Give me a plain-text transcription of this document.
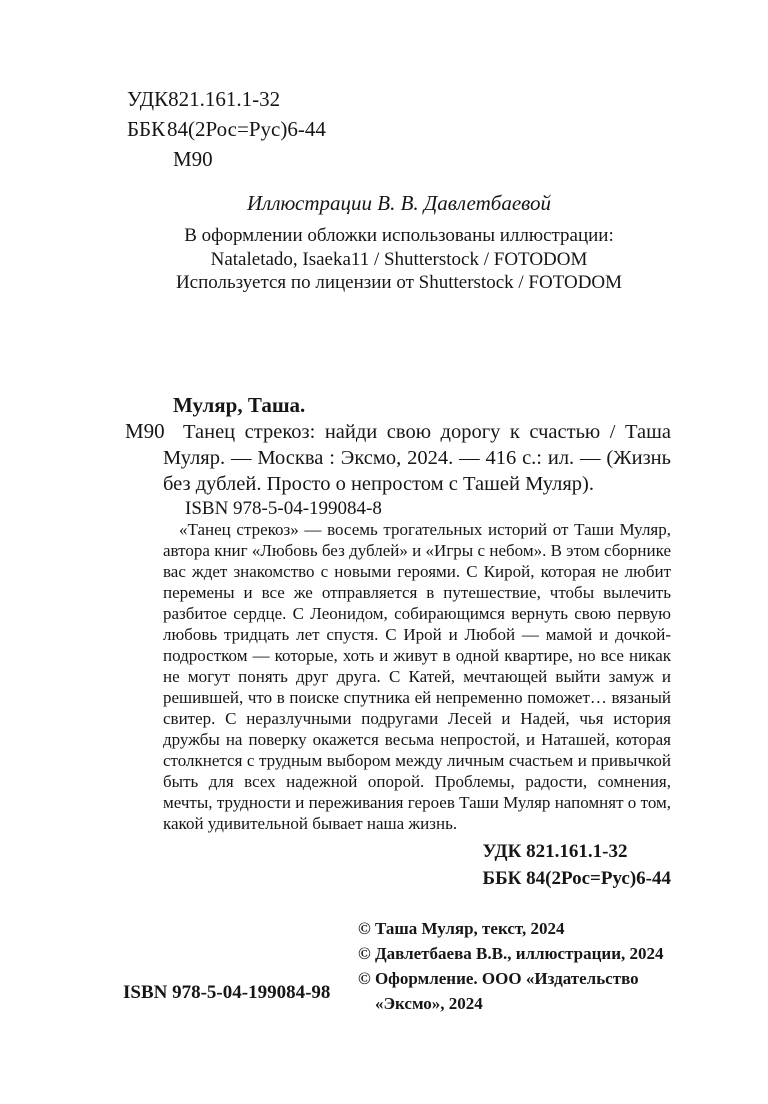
УДК821.161.1-32
ББК84(2Рос=Рус)6-44
М90
Иллюстрации В. В. Давлетбаевой
В оформлении обложки использованы иллюстрации:
Nataletado, Isaeka11 / Shutterstock / FOTODOM
Используется по лицензии от Shutterstock / FOTODOM
Муляр, Таша.
М90 Танец стрекоз: найди свою дорогу к счастью / Таша Муляр. — Москва : Эксмо, 2024. — 416 с.: ил. — (Жизнь без дублей. Просто о непростом с Ташей Муляр).

ISBN 978-5-04-199084-8

«Танец стрекоз» — восемь трогательных историй от Таши Муляр, автора книг «Любовь без дублей» и «Игры с небом». В этом сборнике вас ждет знакомство с новыми героями. С Кирой, которая не любит перемены и все же отправляется в путешествие, чтобы вылечить разбитое сердце. С Леонидом, собирающимся вернуть свою первую любовь тридцать лет спустя. С Ирой и Любой — мамой и дочкой-подростком — которые, хоть и живут в одной квартире, но все никак не могут понять друг друга. С Катей, мечтающей выйти замуж и решившей, что в поиске спутника ей непременно поможет… вязаный свитер. С неразлучными подругами Лесей и Надей, чья история дружбы на поверку окажется весьма непростой, и Наташей, которая столкнется с трудным выбором между личным счастьем и привычкой быть для всех надежной опорой. Проблемы, радости, сомнения, мечты, трудности и переживания героев Таши Муляр напомнят о том, какой удивительной бывает наша жизнь.

УДК 821.161.1-32
ББК 84(2Рос=Рус)6-44
ISBN 978-5-04-199084-98
© Таша Муляр, текст, 2024
© Давлетбаева В.В., иллюстрации, 2024
© Оформление. ООО «Издательство «Эксмо», 2024
